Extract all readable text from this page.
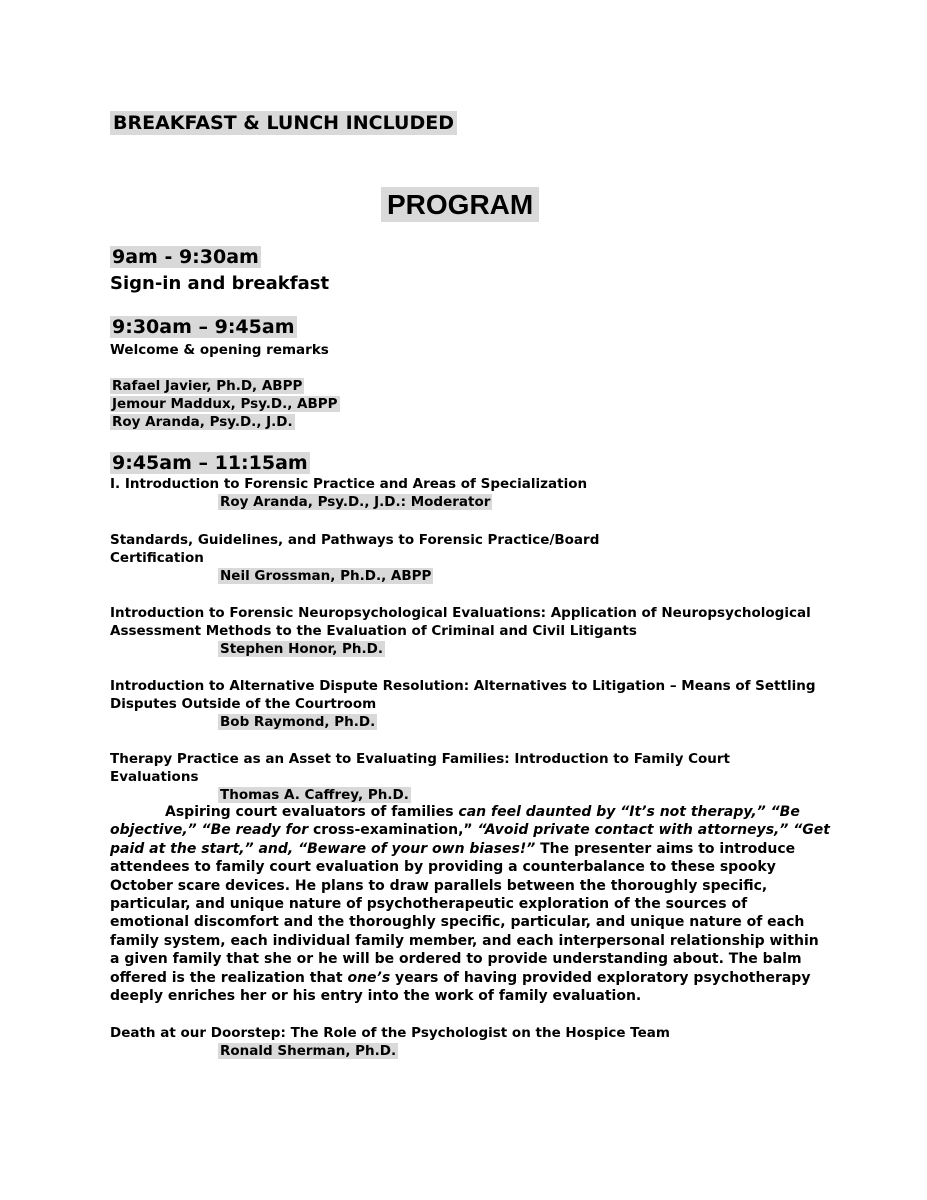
BREAKFAST & LUNCH INCLUDED
PROGRAM
9am - 9:30am
Sign-in and breakfast
9:30am – 9:45am
Welcome & opening remarks
Rafael Javier, Ph.D, ABPP
Jemour Maddux, Psy.D., ABPP
Roy Aranda, Psy.D., J.D.
9:45am – 11:15am
I. Introduction to Forensic Practice and Areas of Specialization
Roy Aranda, Psy.D., J.D.: Moderator
Standards, Guidelines, and Pathways to Forensic Practice/Board Certification
Neil Grossman, Ph.D., ABPP
Introduction to Forensic Neuropsychological Evaluations: Application of Neuropsychological Assessment Methods to the Evaluation of Criminal and Civil Litigants
Stephen Honor, Ph.D.
Introduction to Alternative Dispute Resolution: Alternatives to Litigation – Means of Settling Disputes Outside of the Courtroom
Bob Raymond, Ph.D.
Therapy Practice as an Asset to Evaluating Families: Introduction to Family Court Evaluations
Thomas A. Caffrey, Ph.D.
Aspiring court evaluators of families can feel daunted by “It’s not therapy,” “Be objective,” “Be ready for cross-examination,” “Avoid private contact with attorneys,” “Get paid at the start,” and, “Beware of your own biases!” The presenter aims to introduce attendees to family court evaluation by providing a counterbalance to these spooky October scare devices. He plans to draw parallels between the thoroughly specific, particular, and unique nature of psychotherapeutic exploration of the sources of emotional discomfort and the thoroughly specific, particular, and unique nature of each family system, each individual family member, and each interpersonal relationship within a given family that she or he will be ordered to provide understanding about. The balm offered is the realization that one’s years of having provided exploratory psychotherapy deeply enriches her or his entry into the work of family evaluation.
Death at our Doorstep: The Role of the Psychologist on the Hospice Team
Ronald Sherman, Ph.D.
